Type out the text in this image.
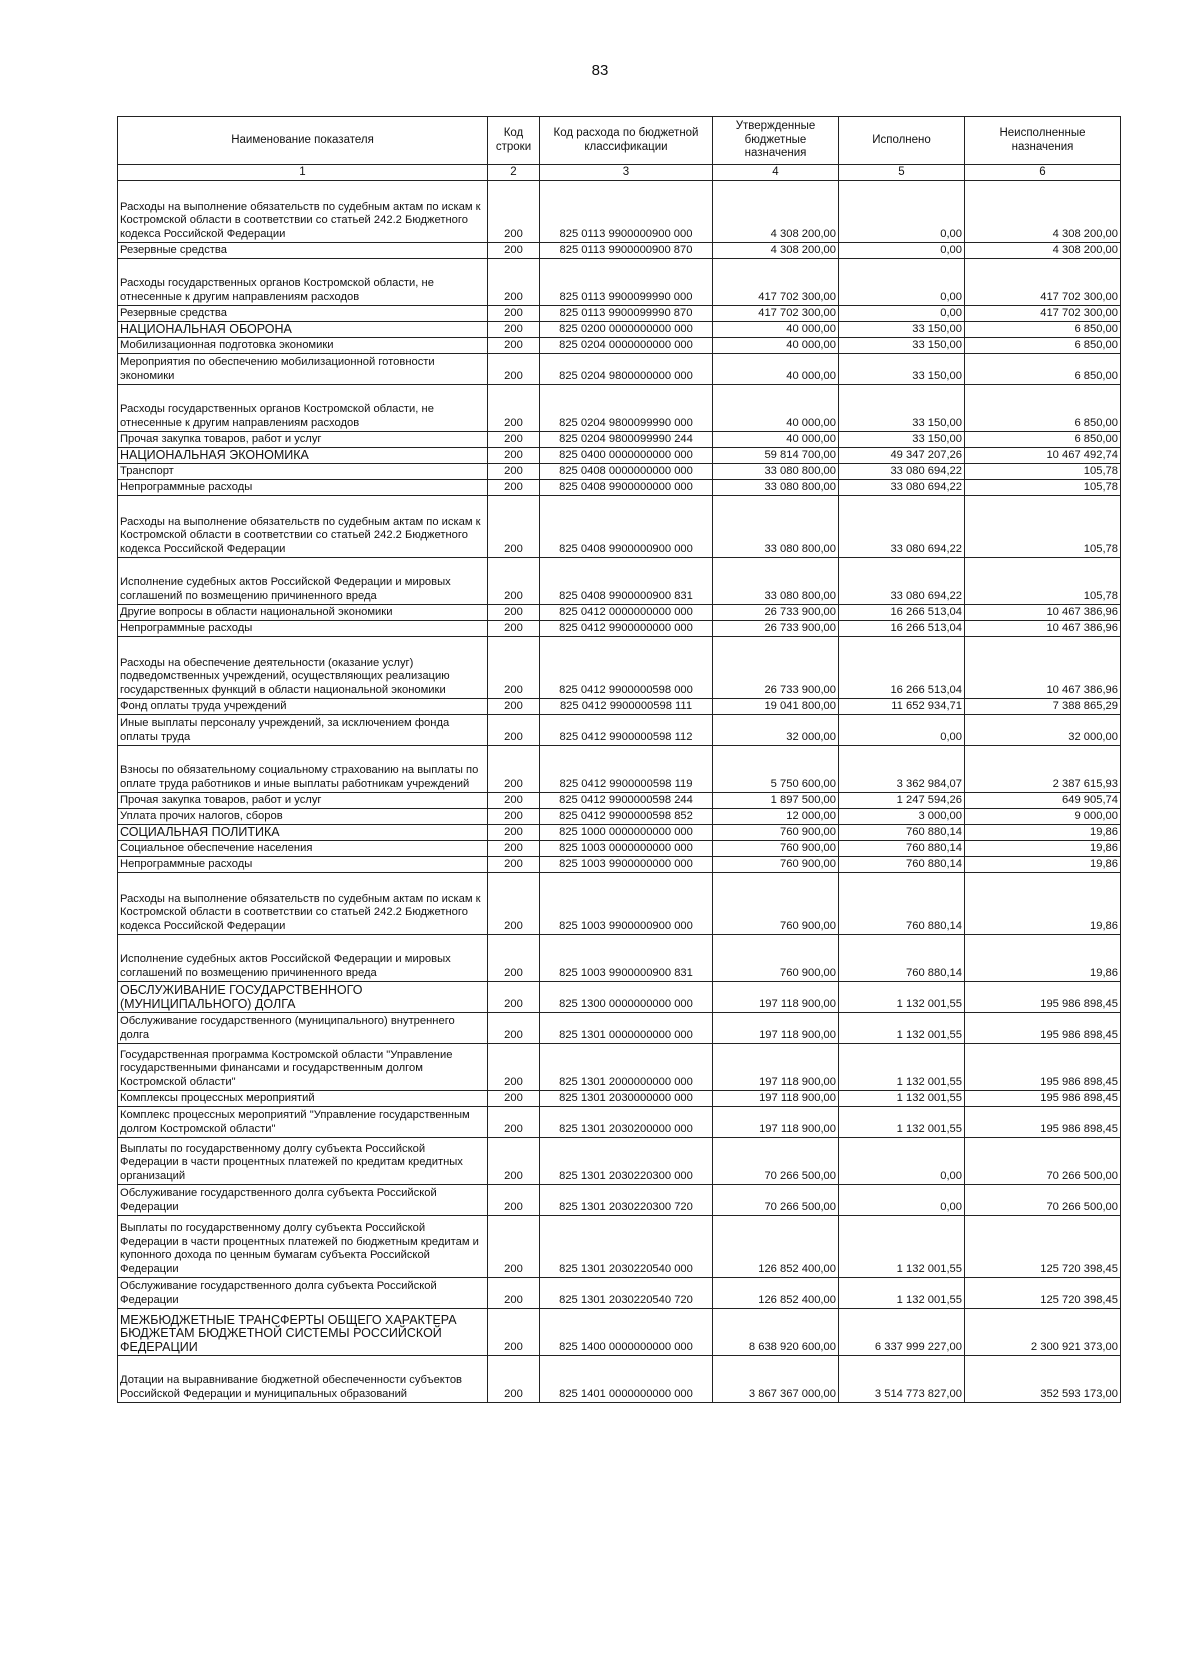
83
Наименование показателя	Код строки	Код расхода по бюджетной классификации	Утвержденные бюджетные назначения	Исполнено	Неисполненные назначения
1	2	3	4	5	6
Расходы на выполнение обязательств по судебным актам по искам к Костромской области в соответствии со статьей 242.2 Бюджетного кодекса Российской Федерации	200	825 0113 9900000900 000	4 308 200,00	0,00	4 308 200,00
Резервные средства	200	825 0113 9900000900 870	4 308 200,00	0,00	4 308 200,00
Расходы государственных органов Костромской области, не отнесенные к другим направлениям расходов	200	825 0113 9900099990 000	417 702 300,00	0,00	417 702 300,00
Резервные средства	200	825 0113 9900099990 870	417 702 300,00	0,00	417 702 300,00
НАЦИОНАЛЬНАЯ ОБОРОНА	200	825 0200 0000000000 000	40 000,00	33 150,00	6 850,00
Мобилизационная подготовка экономики	200	825 0204 0000000000 000	40 000,00	33 150,00	6 850,00
Мероприятия по обеспечению мобилизационной готовности экономики	200	825 0204 9800000000 000	40 000,00	33 150,00	6 850,00
Расходы государственных органов Костромской области, не отнесенные к другим направлениям расходов	200	825 0204 9800099990 000	40 000,00	33 150,00	6 850,00
Прочая закупка товаров, работ и услуг	200	825 0204 9800099990 244	40 000,00	33 150,00	6 850,00
НАЦИОНАЛЬНАЯ ЭКОНОМИКА	200	825 0400 0000000000 000	59 814 700,00	49 347 207,26	10 467 492,74
Транспорт	200	825 0408 0000000000 000	33 080 800,00	33 080 694,22	105,78
Непрограммные расходы	200	825 0408 9900000000 000	33 080 800,00	33 080 694,22	105,78
Расходы на выполнение обязательств по судебным актам по искам к Костромской области в соответствии со статьей 242.2 Бюджетного кодекса Российской Федерации	200	825 0408 9900000900 000	33 080 800,00	33 080 694,22	105,78
Исполнение судебных актов Российской Федерации и мировых соглашений по возмещению причиненного вреда	200	825 0408 9900000900 831	33 080 800,00	33 080 694,22	105,78
Другие вопросы в области национальной экономики	200	825 0412 0000000000 000	26 733 900,00	16 266 513,04	10 467 386,96
Непрограммные расходы	200	825 0412 9900000000 000	26 733 900,00	16 266 513,04	10 467 386,96
Расходы на обеспечение деятельности (оказание услуг) подведомственных учреждений, осуществляющих реализацию государственных функций в области национальной экономики	200	825 0412 9900000598 000	26 733 900,00	16 266 513,04	10 467 386,96
Фонд оплаты труда учреждений	200	825 0412 9900000598 111	19 041 800,00	11 652 934,71	7 388 865,29
Иные выплаты персоналу учреждений, за исключением фонда оплаты труда	200	825 0412 9900000598 112	32 000,00	0,00	32 000,00
Взносы по обязательному социальному страхованию на выплаты по оплате труда работников и иные выплаты работникам учреждений	200	825 0412 9900000598 119	5 750 600,00	3 362 984,07	2 387 615,93
Прочая закупка товаров, работ и услуг	200	825 0412 9900000598 244	1 897 500,00	1 247 594,26	649 905,74
Уплата прочих налогов, сборов	200	825 0412 9900000598 852	12 000,00	3 000,00	9 000,00
СОЦИАЛЬНАЯ ПОЛИТИКА	200	825 1000 0000000000 000	760 900,00	760 880,14	19,86
Социальное обеспечение населения	200	825 1003 0000000000 000	760 900,00	760 880,14	19,86
Непрограммные расходы	200	825 1003 9900000000 000	760 900,00	760 880,14	19,86
Расходы на выполнение обязательств по судебным актам по искам к Костромской области в соответствии со статьей 242.2 Бюджетного кодекса Российской Федерации	200	825 1003 9900000900 000	760 900,00	760 880,14	19,86
Исполнение судебных актов Российской Федерации и мировых соглашений по возмещению причиненного вреда	200	825 1003 9900000900 831	760 900,00	760 880,14	19,86
ОБСЛУЖИВАНИЕ ГОСУДАРСТВЕННОГО (МУНИЦИПАЛЬНОГО) ДОЛГА	200	825 1300 0000000000 000	197 118 900,00	1 132 001,55	195 986 898,45
Обслуживание государственного (муниципального) внутреннего долга	200	825 1301 0000000000 000	197 118 900,00	1 132 001,55	195 986 898,45
Государственная программа Костромской области "Управление государственными финансами и государственным долгом Костромской области"	200	825 1301 2000000000 000	197 118 900,00	1 132 001,55	195 986 898,45
Комплексы процессных мероприятий	200	825 1301 2030000000 000	197 118 900,00	1 132 001,55	195 986 898,45
Комплекс процессных мероприятий "Управление государственным долгом Костромской области"	200	825 1301 2030200000 000	197 118 900,00	1 132 001,55	195 986 898,45
Выплаты по государственному долгу субъекта Российской Федерации в части процентных платежей по кредитам кредитных организаций	200	825 1301 2030220300 000	70 266 500,00	0,00	70 266 500,00
Обслуживание государственного долга субъекта Российской Федерации	200	825 1301 2030220300 720	70 266 500,00	0,00	70 266 500,00
Выплаты по государственному долгу субъекта Российской Федерации в части процентных платежей по бюджетным кредитам и купонного дохода по ценным бумагам субъекта Российской Федерации	200	825 1301 2030220540 000	126 852 400,00	1 132 001,55	125 720 398,45
Обслуживание государственного долга субъекта Российской Федерации	200	825 1301 2030220540 720	126 852 400,00	1 132 001,55	125 720 398,45
МЕЖБЮДЖЕТНЫЕ ТРАНСФЕРТЫ ОБЩЕГО ХАРАКТЕРА БЮДЖЕТАМ БЮДЖЕТНОЙ СИСТЕМЫ РОССИЙСКОЙ ФЕДЕРАЦИИ	200	825 1400 0000000000 000	8 638 920 600,00	6 337 999 227,00	2 300 921 373,00
Дотации на выравнивание бюджетной обеспеченности субъектов Российской Федерации и муниципальных образований	200	825 1401 0000000000 000	3 867 367 000,00	3 514 773 827,00	352 593 173,00
